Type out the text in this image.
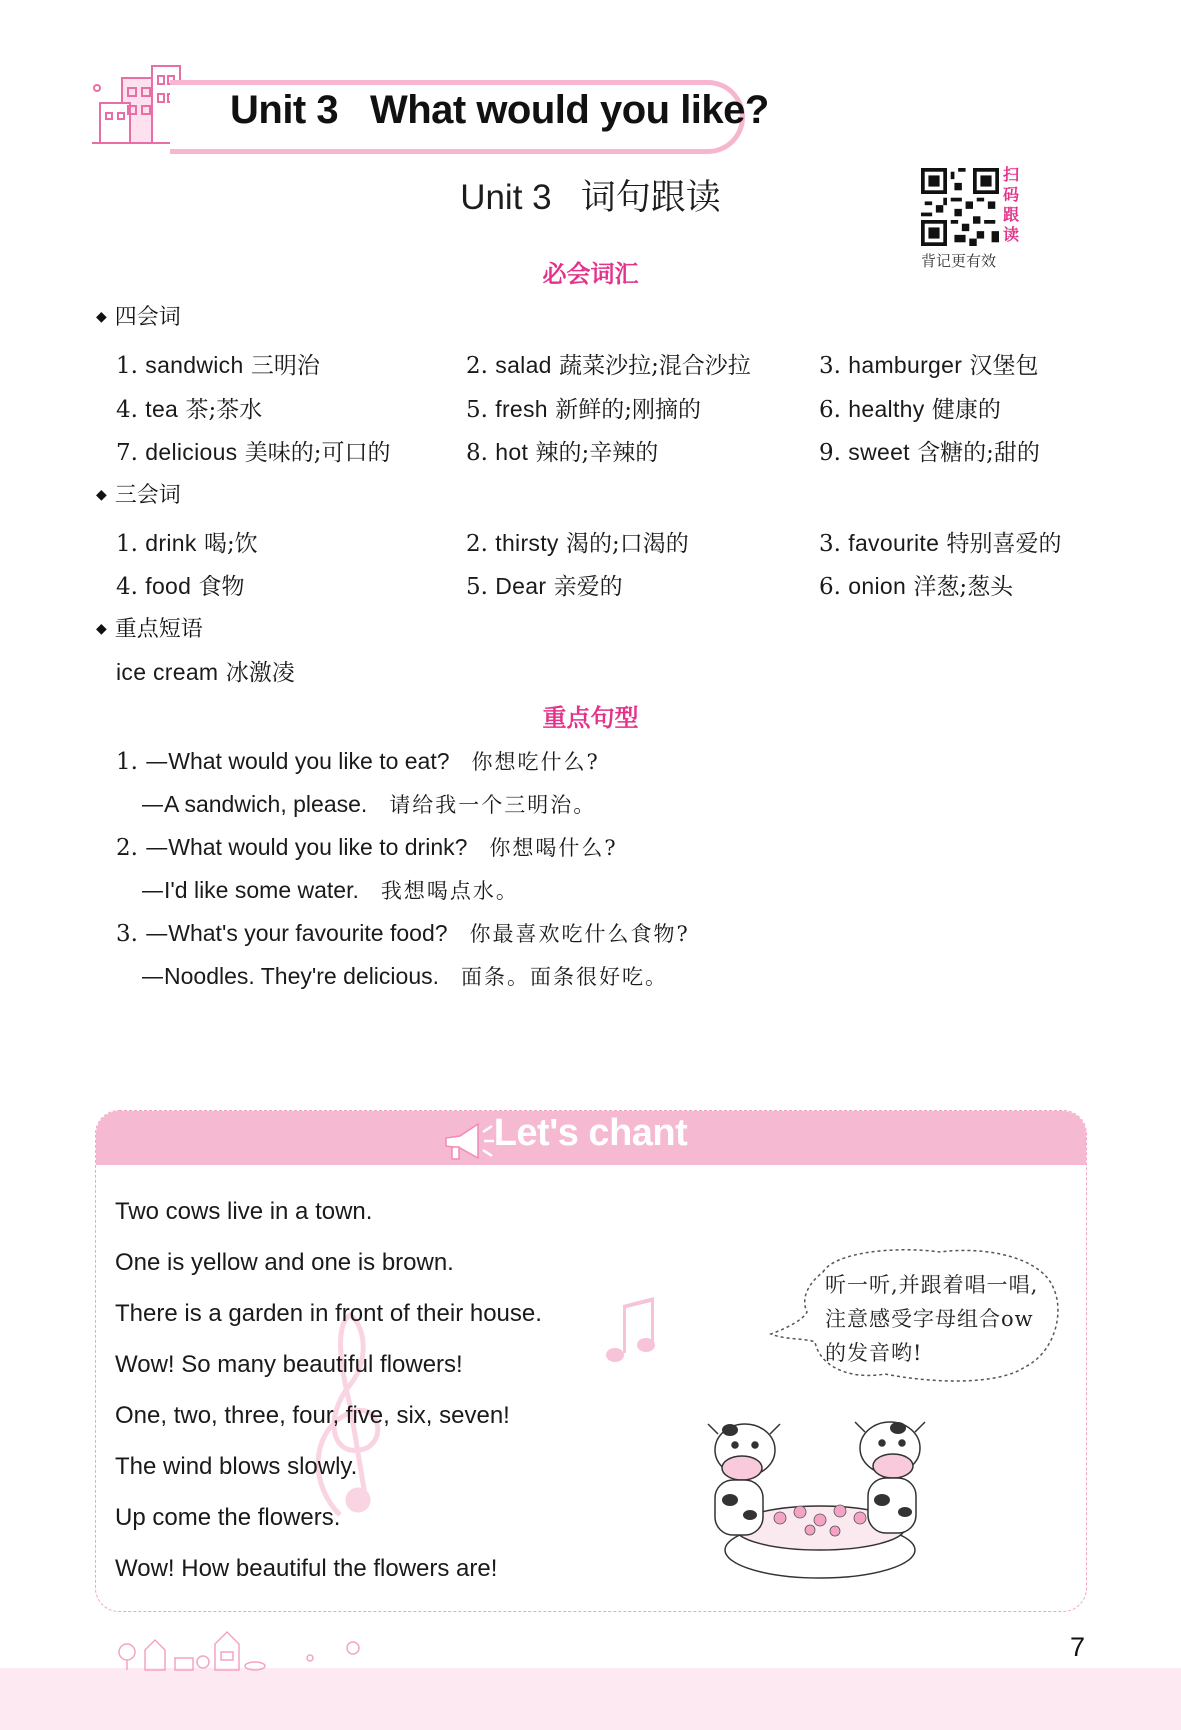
Unit 3   What would you like?
Unit 3   词句跟读
扫码跟读
背记更有效
必会词汇
◆ 四会词
1. sandwich 三明治	2. salad 蔬菜沙拉;混合沙拉	3. hamburger 汉堡包
4. tea 茶;茶水	5. fresh 新鲜的;刚摘的	6. healthy 健康的
7. delicious 美味的;可口的	8. hot 辣的;辛辣的	9. sweet 含糖的;甜的
◆ 三会词
1. drink 喝;饮	2. thirsty 渴的;口渴的	3. favourite 特别喜爱的
4. food 食物	5. Dear 亲爱的	6. onion 洋葱;葱头
◆ 重点短语
ice cream 冰激凌
重点句型
1. —What would you like to eat? 你想吃什么?
—A sandwich, please. 请给我一个三明治。
2. —What would you like to drink? 你想喝什么?
—I'd like some water. 我想喝点水。
3. —What's your favourite food? 你最喜欢吃什么食物?
—Noodles. They're delicious. 面条。面条很好吃。
Let's chant
Two cows live in a town.
One is yellow and one is brown.
There is a garden in front of their house.
Wow! So many beautiful flowers!
One, two, three, four, five, six, seven!
The wind blows slowly.
Up come the flowers.
Wow! How beautiful the flowers are!
听一听,并跟着唱一唱,注意感受字母组合ow的发音哟!
7
